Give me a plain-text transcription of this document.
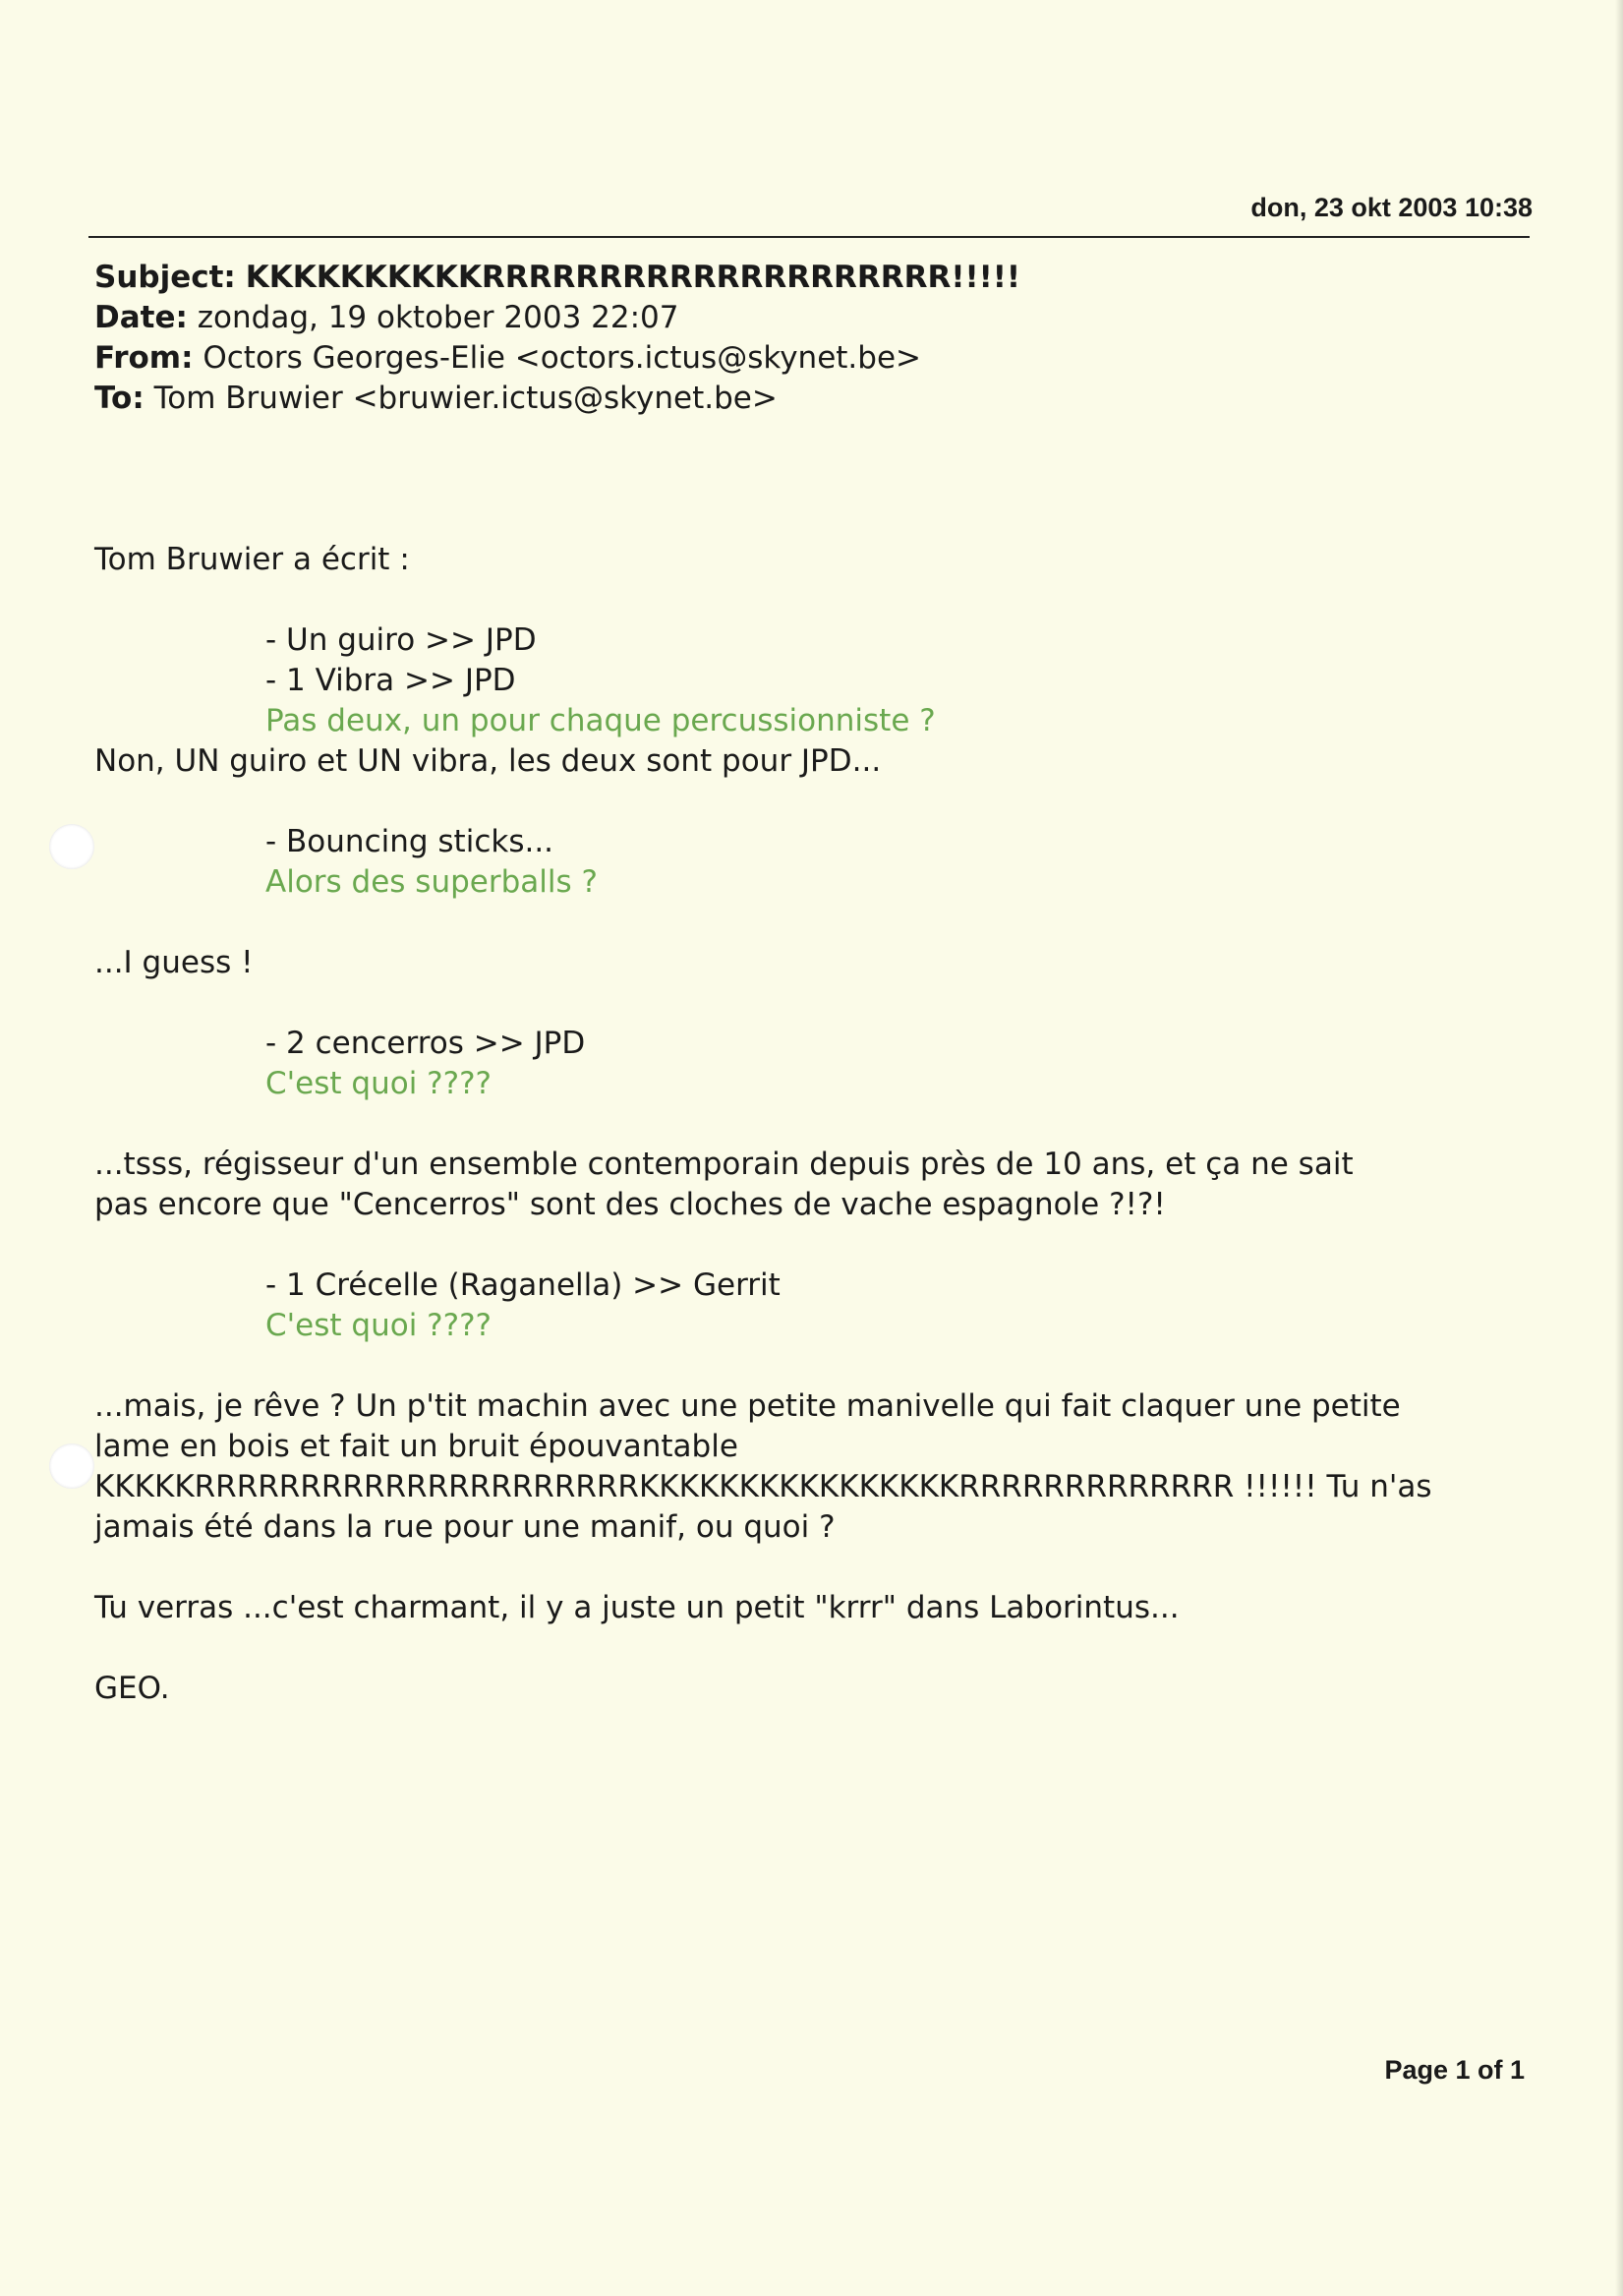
don, 23 okt 2003 10:38
Subject: KKKKKKKKKKRRRRRRRRRRRRRRRRRRRR!!!!!
Date: zondag, 19 oktober 2003 22:07
From: Octors Georges-Elie <octors.ictus@skynet.be>
To: Tom Bruwier <bruwier.ictus@skynet.be>
Tom Bruwier a écrit :
- Un guiro >> JPD
- 1 Vibra >> JPD
Pas deux, un pour chaque percussionniste ?
Non, UN guiro et UN vibra, les deux sont pour JPD...
- Bouncing sticks...
Alors des superballs ?
...I guess !
- 2 cencerros >> JPD
C'est quoi ????
...tsss, régisseur d'un ensemble contemporain depuis près de 10 ans, et ça ne sait
pas encore que "Cencerros" sont des cloches de vache espagnole ?!?!
- 1 Crécelle (Raganella) >> Gerrit
C'est quoi ????
...mais, je rêve ? Un p'tit machin avec une petite manivelle qui fait claquer une petite
lame en bois et fait un bruit épouvantable
KKKKKRRRRRRRRRRRRRRRRRRRRRKKKKKKKKKKKKKKKKRRRRRRRRRRRRR !!!!!! Tu n'as
jamais été dans la rue pour une manif, ou quoi ?
Tu verras ...c'est charmant, il y a juste un petit "krrr" dans Laborintus...
GEO.
Page 1 of 1
